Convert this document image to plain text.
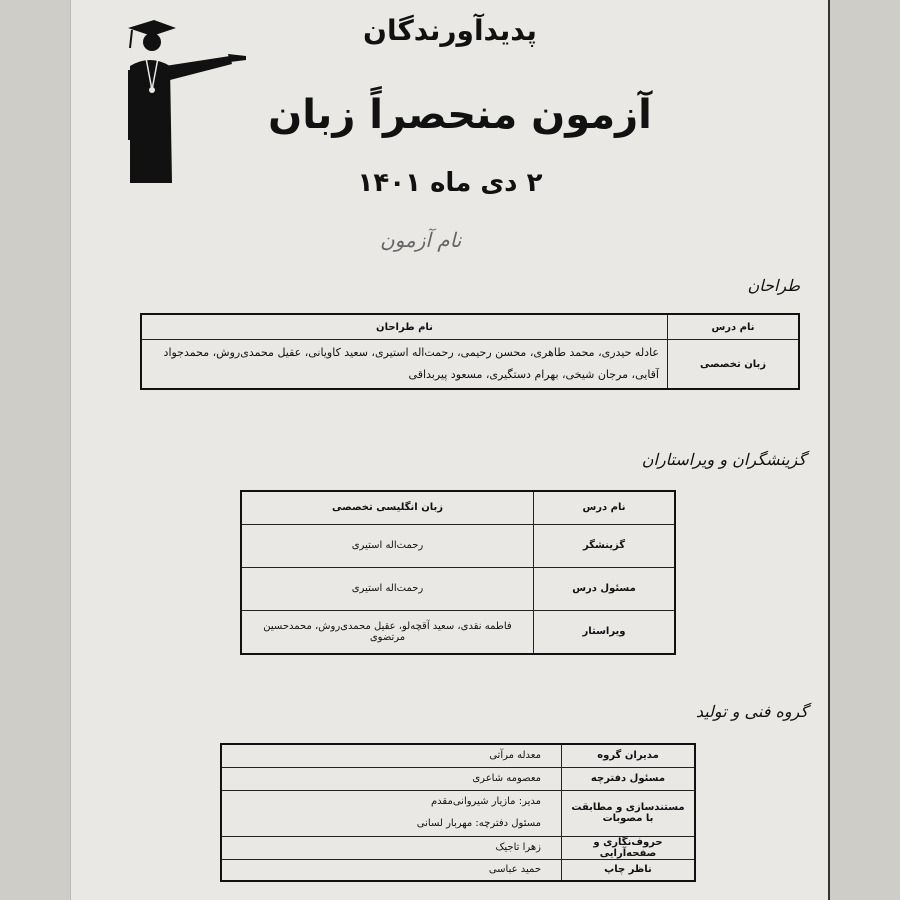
پدیدآورندگان
آزمون منحصراً زبان
۲ دی ماه ۱۴۰۱
نام آزمون
طراحان
نام درس	نام طراحان
زبان تخصصی	عادله حیدری، محمد طاهری، محسن رحیمی، رحمت‌اله استیری، سعید کاویانی، عقیل محمدی‌روش، محمدجواد
آقایی، مرجان شیخی، بهرام دستگیری، مسعود پیربداقی
گزینشگران و ویراستاران
نام درس	زبان انگلیسی تخصصی
گزینشگر	رحمت‌اله استیری
مسئول درس	رحمت‌اله استیری
ویراستار	فاطمه نقدی، سعید آقچه‌لو، عقیل محمدی‌روش، محمدحسین مرتضوی
گروه فنی و تولید
مدیران گروه	معدله مرآتی
مسئول دفترچه	معصومه شاعری
مستندسازی و مطابقت با مصوبات	مدیر: مازیار شیروانی‌مقدم
مسئول دفترچه: مهربار لسانی

حروف‌نگاری و صفحه‌آرایی	زهرا تاجیک
ناظر چاپ	حمید عباسی
